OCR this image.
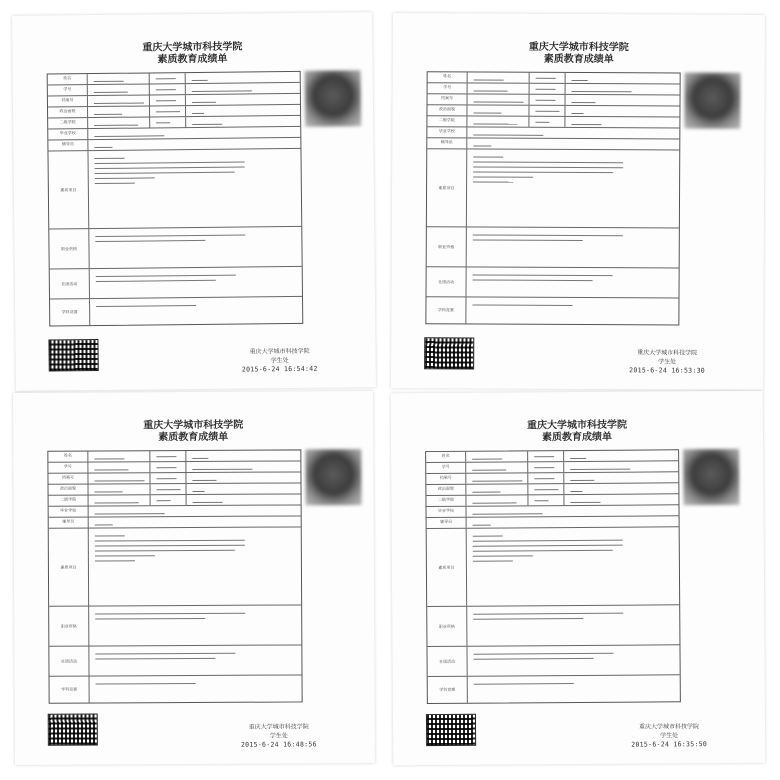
重庆大学城市科技学院
素质教育成绩单
姓名
学号
档案号
政治面貌
二级学院
毕业学校
辅导员
素质项目
职业资格
社团活动
学科竞赛
重庆大学城市科技学院
学生处
2015-6-24 16:54:42
重庆大学城市科技学院
素质教育成绩单
姓名
学号
档案号
政治面貌
二级学院
毕业学校
辅导员
素质项目
职业资格
社团活动
学科竞赛
重庆大学城市科技学院
学生处
2015-6-24 16:53:30
重庆大学城市科技学院
素质教育成绩单
姓名
学号
档案号
政治面貌
二级学院
毕业学校
辅导员
素质项目
职业资格
社团活动
学科竞赛
重庆大学城市科技学院
学生处
2015-6-24 16:48:56
重庆大学城市科技学院
素质教育成绩单
姓名
学号
档案号
政治面貌
二级学院
毕业学校
辅导员
素质项目
职业资格
社团活动
学科竞赛
重庆大学城市科技学院
学生处
2015-6-24 16:35:50
